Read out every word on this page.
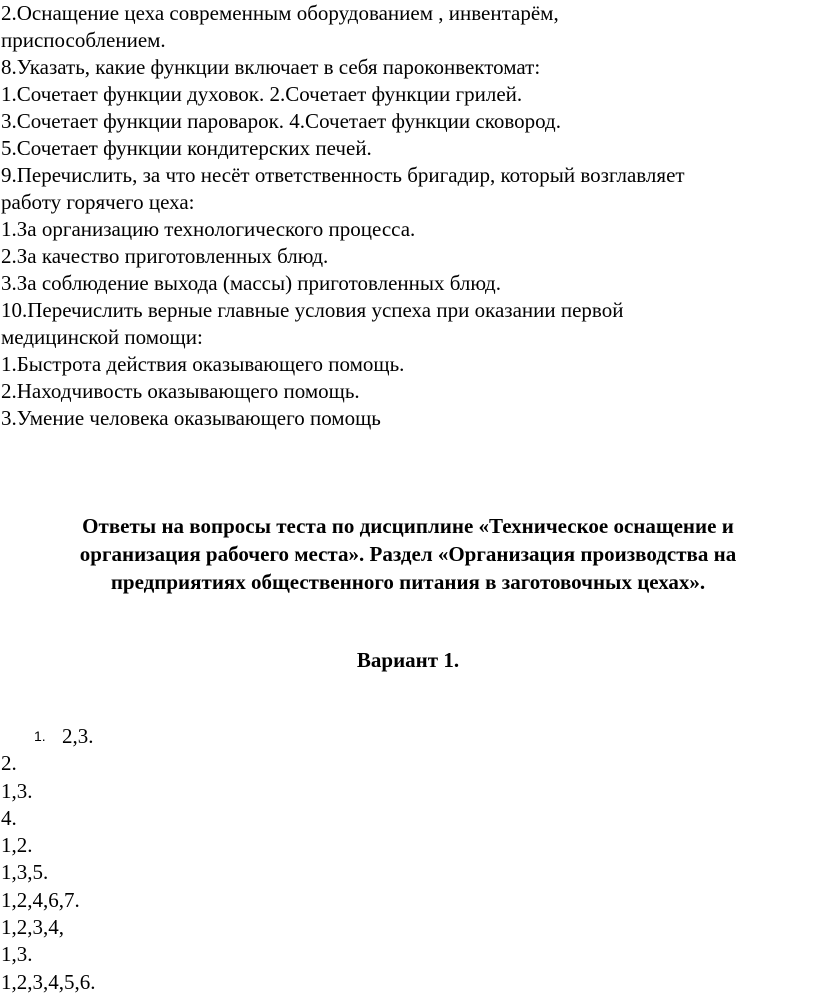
2.Оснащение цеха современным оборудованием , инвентарём,

приспособлением.

8.Указать, какие функции включает в себя пароконвектомат:

1.Сочетает функции духовок. 2.Сочетает функции грилей.

3.Сочетает функции пароварок. 4.Сочетает функции сковород.

5.Сочетает функции кондитерских печей.

9.Перечислить, за что несёт ответственность бригадир, который возглавляет

работу горячего цеха:

1.За организацию технологического процесса.

2.За качество приготовленных блюд.

3.За соблюдение выхода (массы) приготовленных блюд.

10.Перечислить верные главные условия успеха при оказании первой

медицинской помощи:

1.Быстрота действия оказывающего помощь.

2.Находчивость оказывающего помощь.

3.Умение человека оказывающего помощь

Ответы на вопросы теста по дисциплине «Техническое оснащение и

организация рабочего места». Раздел «Организация производства на

предприятиях общественного питания в заготовочных цехах».

Вариант 1.

1. 2,3.

2.

1,3.

4.

1,2.

1,3,5.

1,2,4,6,7.

1,2,3,4,

1,3.

1,2,3,4,5,6.
